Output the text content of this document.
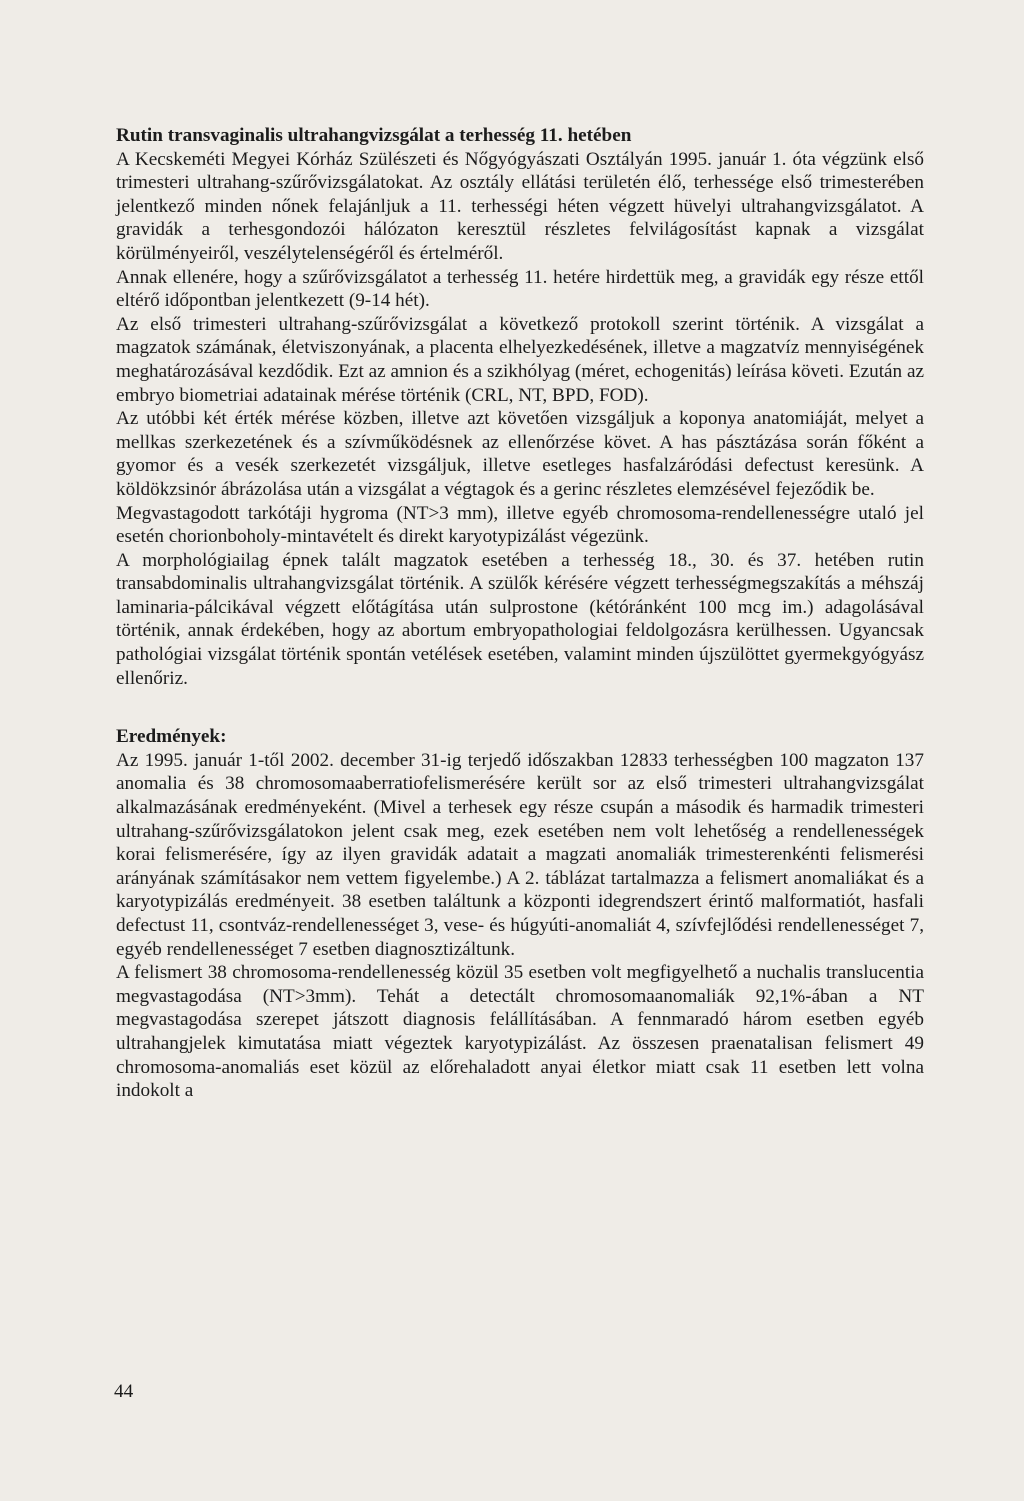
Rutin transvaginalis ultrahangvizsgálat a terhesség 11. hetében

A Kecskeméti Megyei Kórház Szülészeti és Nőgyógyászati Osztályán 1995. január 1. óta végzünk első trimesteri ultrahang-szűrővizsgálatokat. Az osztály ellátási területén élő, terhessége első trimesterében jelentkező minden nőnek felajánljuk a 11. terhességi héten végzett hüvelyi ultrahangvizsgálatot. A gravidák a terhesgondozói hálózaton keresztül részletes felvilágosítást kapnak a vizsgálat körülményeiről, veszélytelenségéről és értelméről.

Annak ellenére, hogy a szűrővizsgálatot a terhesség 11. hetére hirdettük meg, a gravidák egy része ettől eltérő időpontban jelentkezett (9-14 hét).

Az első trimesteri ultrahang-szűrővizsgálat a következő protokoll szerint történik. A vizsgálat a magzatok számának, életviszonyának, a placenta elhelyezkedésének, illetve a magzatvíz mennyiségének meghatározásával kezdődik. Ezt az amnion és a szikhólyag (méret, echogenitás) leírása követi. Ezután az embryo biometriai adatainak mérése történik (CRL, NT, BPD, FOD).

Az utóbbi két érték mérése közben, illetve azt követően vizsgáljuk a koponya anatomiáját, melyet a mellkas szerkezetének és a szívműködésnek az ellenőrzése követ. A has pásztázása során főként a gyomor és a vesék szerkezetét vizsgáljuk, illetve esetleges hasfalzáródási defectust keresünk. A köldökzsinór ábrázolása után a vizsgálat a végtagok és a gerinc részletes elemzésével fejeződik be.

Megvastagodott tarkótáji hygroma (NT>3 mm), illetve egyéb chromosoma-rendellenességre utaló jel esetén chorionboholy-mintavételt és direkt karyotypizálást végezünk.

A morphológiailag épnek talált magzatok esetében a terhesség 18., 30. és 37. hetében rutin transabdominalis ultrahangvizsgálat történik. A szülők kérésére végzett terhességmegszakítás a méhszáj laminaria-pálcikával végzett előtágítása után sulprostone (kétóránként 100 mcg im.) adagolásával történik, annak érdekében, hogy az abortum embryopathologiai feldolgozásra kerülhessen. Ugyancsak pathológiai vizsgálat történik spontán vetélések esetében, valamint minden újszülöttet gyermekgyógyász ellenőriz.

Eredmények:

Az 1995. január 1-től 2002. december 31-ig terjedő időszakban 12833 terhességben 100 magzaton 137 anomalia és 38 chromosomaaberratiofelismerésére került sor az első trimesteri ultrahangvizsgálat alkalmazásának eredményeként. (Mivel a terhesek egy része csupán a második és harmadik trimesteri ultrahang-szűrővizsgálatokon jelent csak meg, ezek esetében nem volt lehetőség a rendellenességek korai felismerésére, így az ilyen gravidák adatait a magzati anomaliák trimesterenkénti felismerési arányának számításakor nem vettem figyelembe.) A 2. táblázat tartalmazza a felismert anomaliákat és a karyotypizálás eredményeit. 38 esetben találtunk a központi idegrendszert érintő malformatiót, hasfali defectust 11, csontváz-rendellenességet 3, vese- és húgyúti-anomaliát 4, szívfejlődési rendellenességet 7, egyéb rendellenességet 7 esetben diagnosztizáltunk.

A felismert 38 chromosoma-rendellenesség közül 35 esetben volt megfigyelhető a nuchalis translucentia megvastagodása (NT>3mm). Tehát a detectált chromosomaanomaliák 92,1%-ában a NT megvastagodása szerepet játszott diagnosis felállításában. A fennmaradó három esetben egyéb ultrahangjelek kimutatása miatt végeztek karyotypizálást. Az összesen praenatalisan felismert 49 chromosoma-anomaliás eset közül az előrehaladott anyai életkor miatt csak 11 esetben lett volna indokolt a

44
